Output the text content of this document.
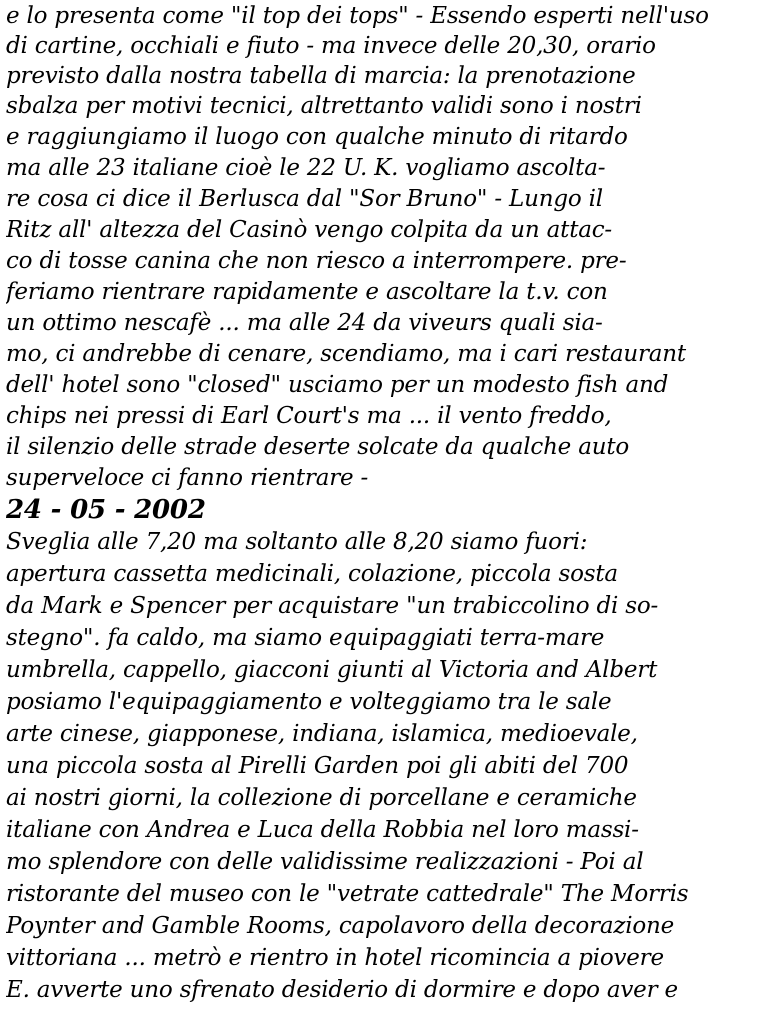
e lo presenta come "il top dei tops" - Essendo esperti nell'uso
di cartine, occhiali e fiuto - ma invece delle 20,30, orario
previsto dalla nostra tabella di marcia: la prenotazione
sbalza per motivi tecnici, altrettanto validi sono i nostri
e raggiungiamo il luogo con qualche minuto di ritardo
ma alle 23 italiane cioè le 22 U. K. vogliamo ascolta-
re cosa ci dice il Berlusca dal "Sor Bruno" - Lungo il
Ritz all' altezza del Casinò vengo colpita da un attac-
co di tosse canina che non riesco a interrompere. pre-
feriamo rientrare rapidamente e ascoltare la t.v. con
un ottimo nescafè ... ma alle 24 da viveurs quali sia-
mo, ci andrebbe di cenare, scendiamo, ma i cari restaurant
dell' hotel sono "closed" usciamo per un modesto fish and
chips nei pressi di Earl Court's ma ... il vento freddo,
il silenzio delle strade deserte solcate da qualche auto
superveloce ci fanno rientrare -
24 - 05 - 2002
Sveglia alle 7,20 ma soltanto alle 8,20 siamo fuori:
apertura cassetta medicinali, colazione, piccola sosta
da Mark e Spencer per acquistare "un trabiccolino di so-
stegno". fa caldo, ma siamo equipaggiati terra-mare
umbrella, cappello, giacconi giunti al Victoria and Albert
posiamo l'equipaggiamento e volteggiamo tra le sale
arte cinese, giapponese, indiana, islamica, medioevale,
una piccola sosta al Pirelli Garden poi gli abiti del 700
ai nostri giorni, la collezione di porcellane e ceramiche
italiane con Andrea e Luca della Robbia nel loro massi-
mo splendore con delle validissime realizzazioni - Poi al
ristorante del museo con le "vetrate cattedrale" The Morris
Poynter and Gamble Rooms, capolavoro della decorazione
vittoriana ... metrò e rientro in hotel ricomincia a piovere
E. avverte uno sfrenato desiderio di dormire e dopo aver e
